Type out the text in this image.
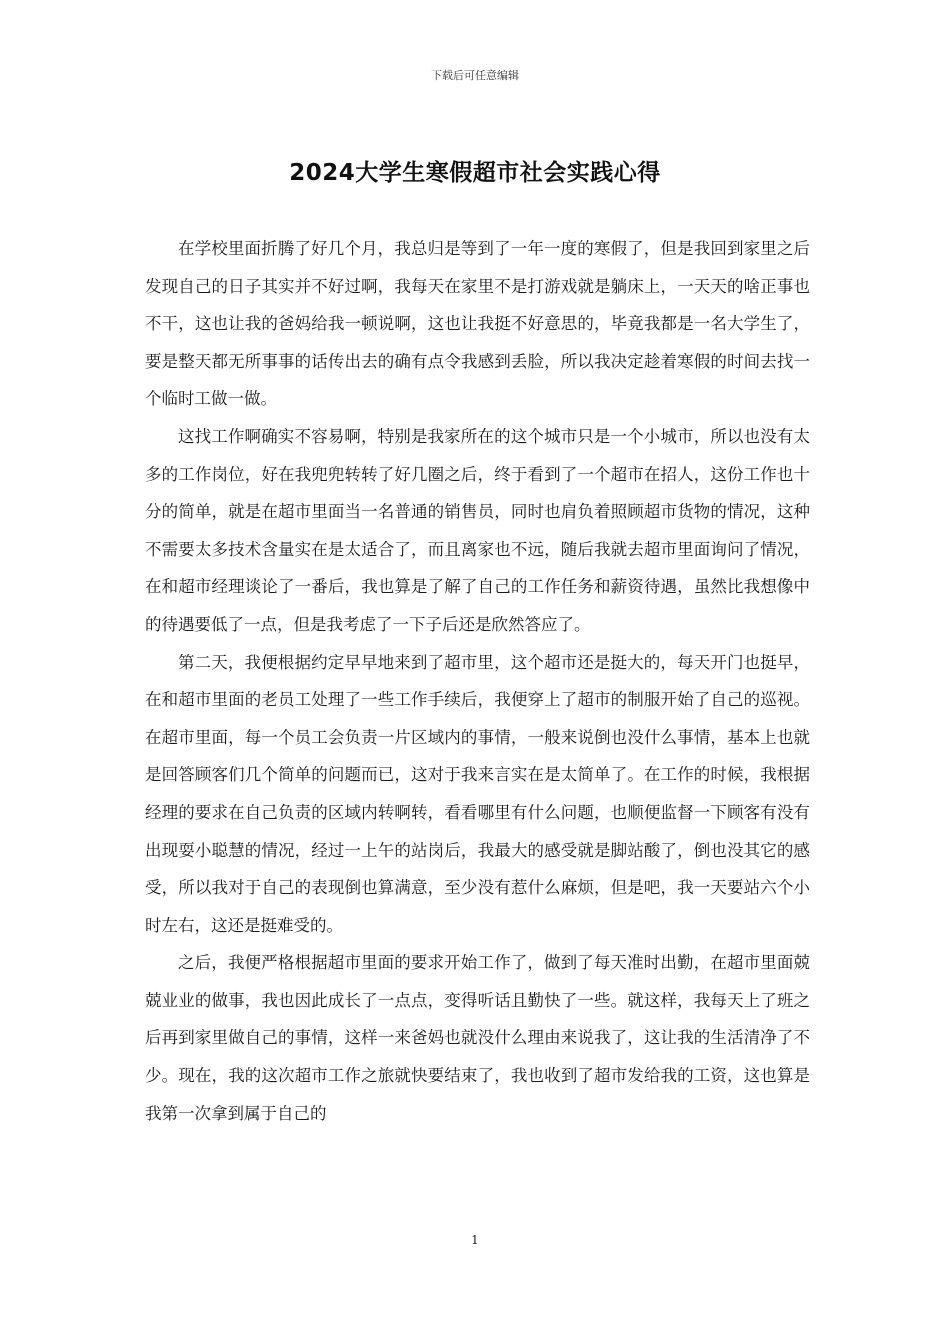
下载后可任意编辑
2024大学生寒假超市社会实践心得

在学校里面折腾了好几个月，我总归是等到了一年一度的寒假了，但是我回到家里之后发现自己的日子其实并不好过啊，我每天在家里不是打游戏就是躺床上，一天天的啥正事也不干，这也让我的爸妈给我一顿说啊，这也让我挺不好意思的，毕竟我都是一名大学生了，要是整天都无所事事的话传出去的确有点令我感到丢脸，所以我决定趁着寒假的时间去找一个临时工做一做。

这找工作啊确实不容易啊，特别是我家所在的这个城市只是一个小城市，所以也没有太多的工作岗位，好在我兜兜转转了好几圈之后，终于看到了一个超市在招人，这份工作也十分的简单，就是在超市里面当一名普通的销售员，同时也肩负着照顾超市货物的情况，这种不需要太多技术含量实在是太适合了，而且离家也不远，随后我就去超市里面询问了情况，在和超市经理谈论了一番后，我也算是了解了自己的工作任务和薪资待遇，虽然比我想像中的待遇要低了一点，但是我考虑了一下子后还是欣然答应了。

第二天，我便根据约定早早地来到了超市里，这个超市还是挺大的，每天开门也挺早，在和超市里面的老员工处理了一些工作手续后，我便穿上了超市的制服开始了自己的巡视。在超市里面，每一个员工会负责一片区域内的事情，一般来说倒也没什么事情，基本上也就是回答顾客们几个简单的问题而已，这对于我来言实在是太简单了。在工作的时候，我根据经理的要求在自己负责的区域内转啊转，看看哪里有什么问题，也顺便监督一下顾客有没有出现耍小聪慧的情况，经过一上午的站岗后，我最大的感受就是脚站酸了，倒也没其它的感受，所以我对于自己的表现倒也算满意，至少没有惹什么麻烦，但是吧，我一天要站六个小时左右，这还是挺难受的。

之后，我便严格根据超市里面的要求开始工作了，做到了每天准时出勤，在超市里面兢兢业业的做事，我也因此成长了一点点，变得听话且勤快了一些。就这样，我每天上了班之后再到家里做自己的事情，这样一来爸妈也就没什么理由来说我了，这让我的生活清净了不少。现在，我的这次超市工作之旅就快要结束了，我也收到了超市发给我的工资，这也算是我第一次拿到属于自己的

1
